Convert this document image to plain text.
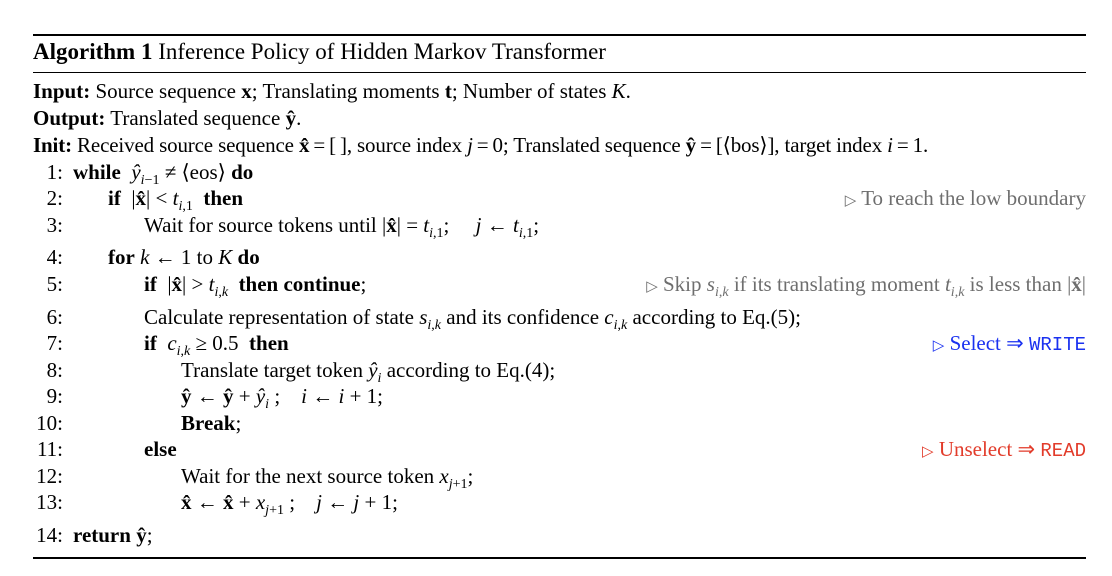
Algorithm 1 Inference Policy of Hidden Markov Transformer
Input: Source sequence x; Translating moments t; Number of states K.
Output: Translated sequence ŷ.
Init: Received source sequence x̂ = [ ], source index j = 0; Translated sequence ŷ = [⟨bos⟩], target index i = 1.
1: while $ŷ_{i-1}$ ≠ ⟨eos⟩ do
2: if  |x̂| < $t_{i,1}$ then	▷ To reach the low boundary
3:	Wait for source tokens until |x̂| = $t_{i,1}$;     j ← $t_{i,1}$;
4: for k ← 1 to K do
5:	if  |x̂| > $t_{i,k}$ then continue;	▷ Skip $s_{i,k}$ if its translating moment $t_{i,k}$ is less than |x̂|
6:	Calculate representation of state $s_{i,k}$ and its confidence $c_{i,k}$ according to Eq.(5);
7:	if $c_{i,k} \ge 0.5$  then	▷ Select ⇒ WRITE
8:	Translate target token $ŷ_i$ according to Eq.(4);
9:	ŷ ← ŷ + $ŷ_i$ ;    i ← i + 1;
10:	Break;
11:	else	▷ Unselect ⇒ READ
12:	Wait for the next source token $x_{j+1}$;
13:	x̂ ← x̂ + $x_{j+1}$ ;    j ← j + 1;
14: return ŷ;
